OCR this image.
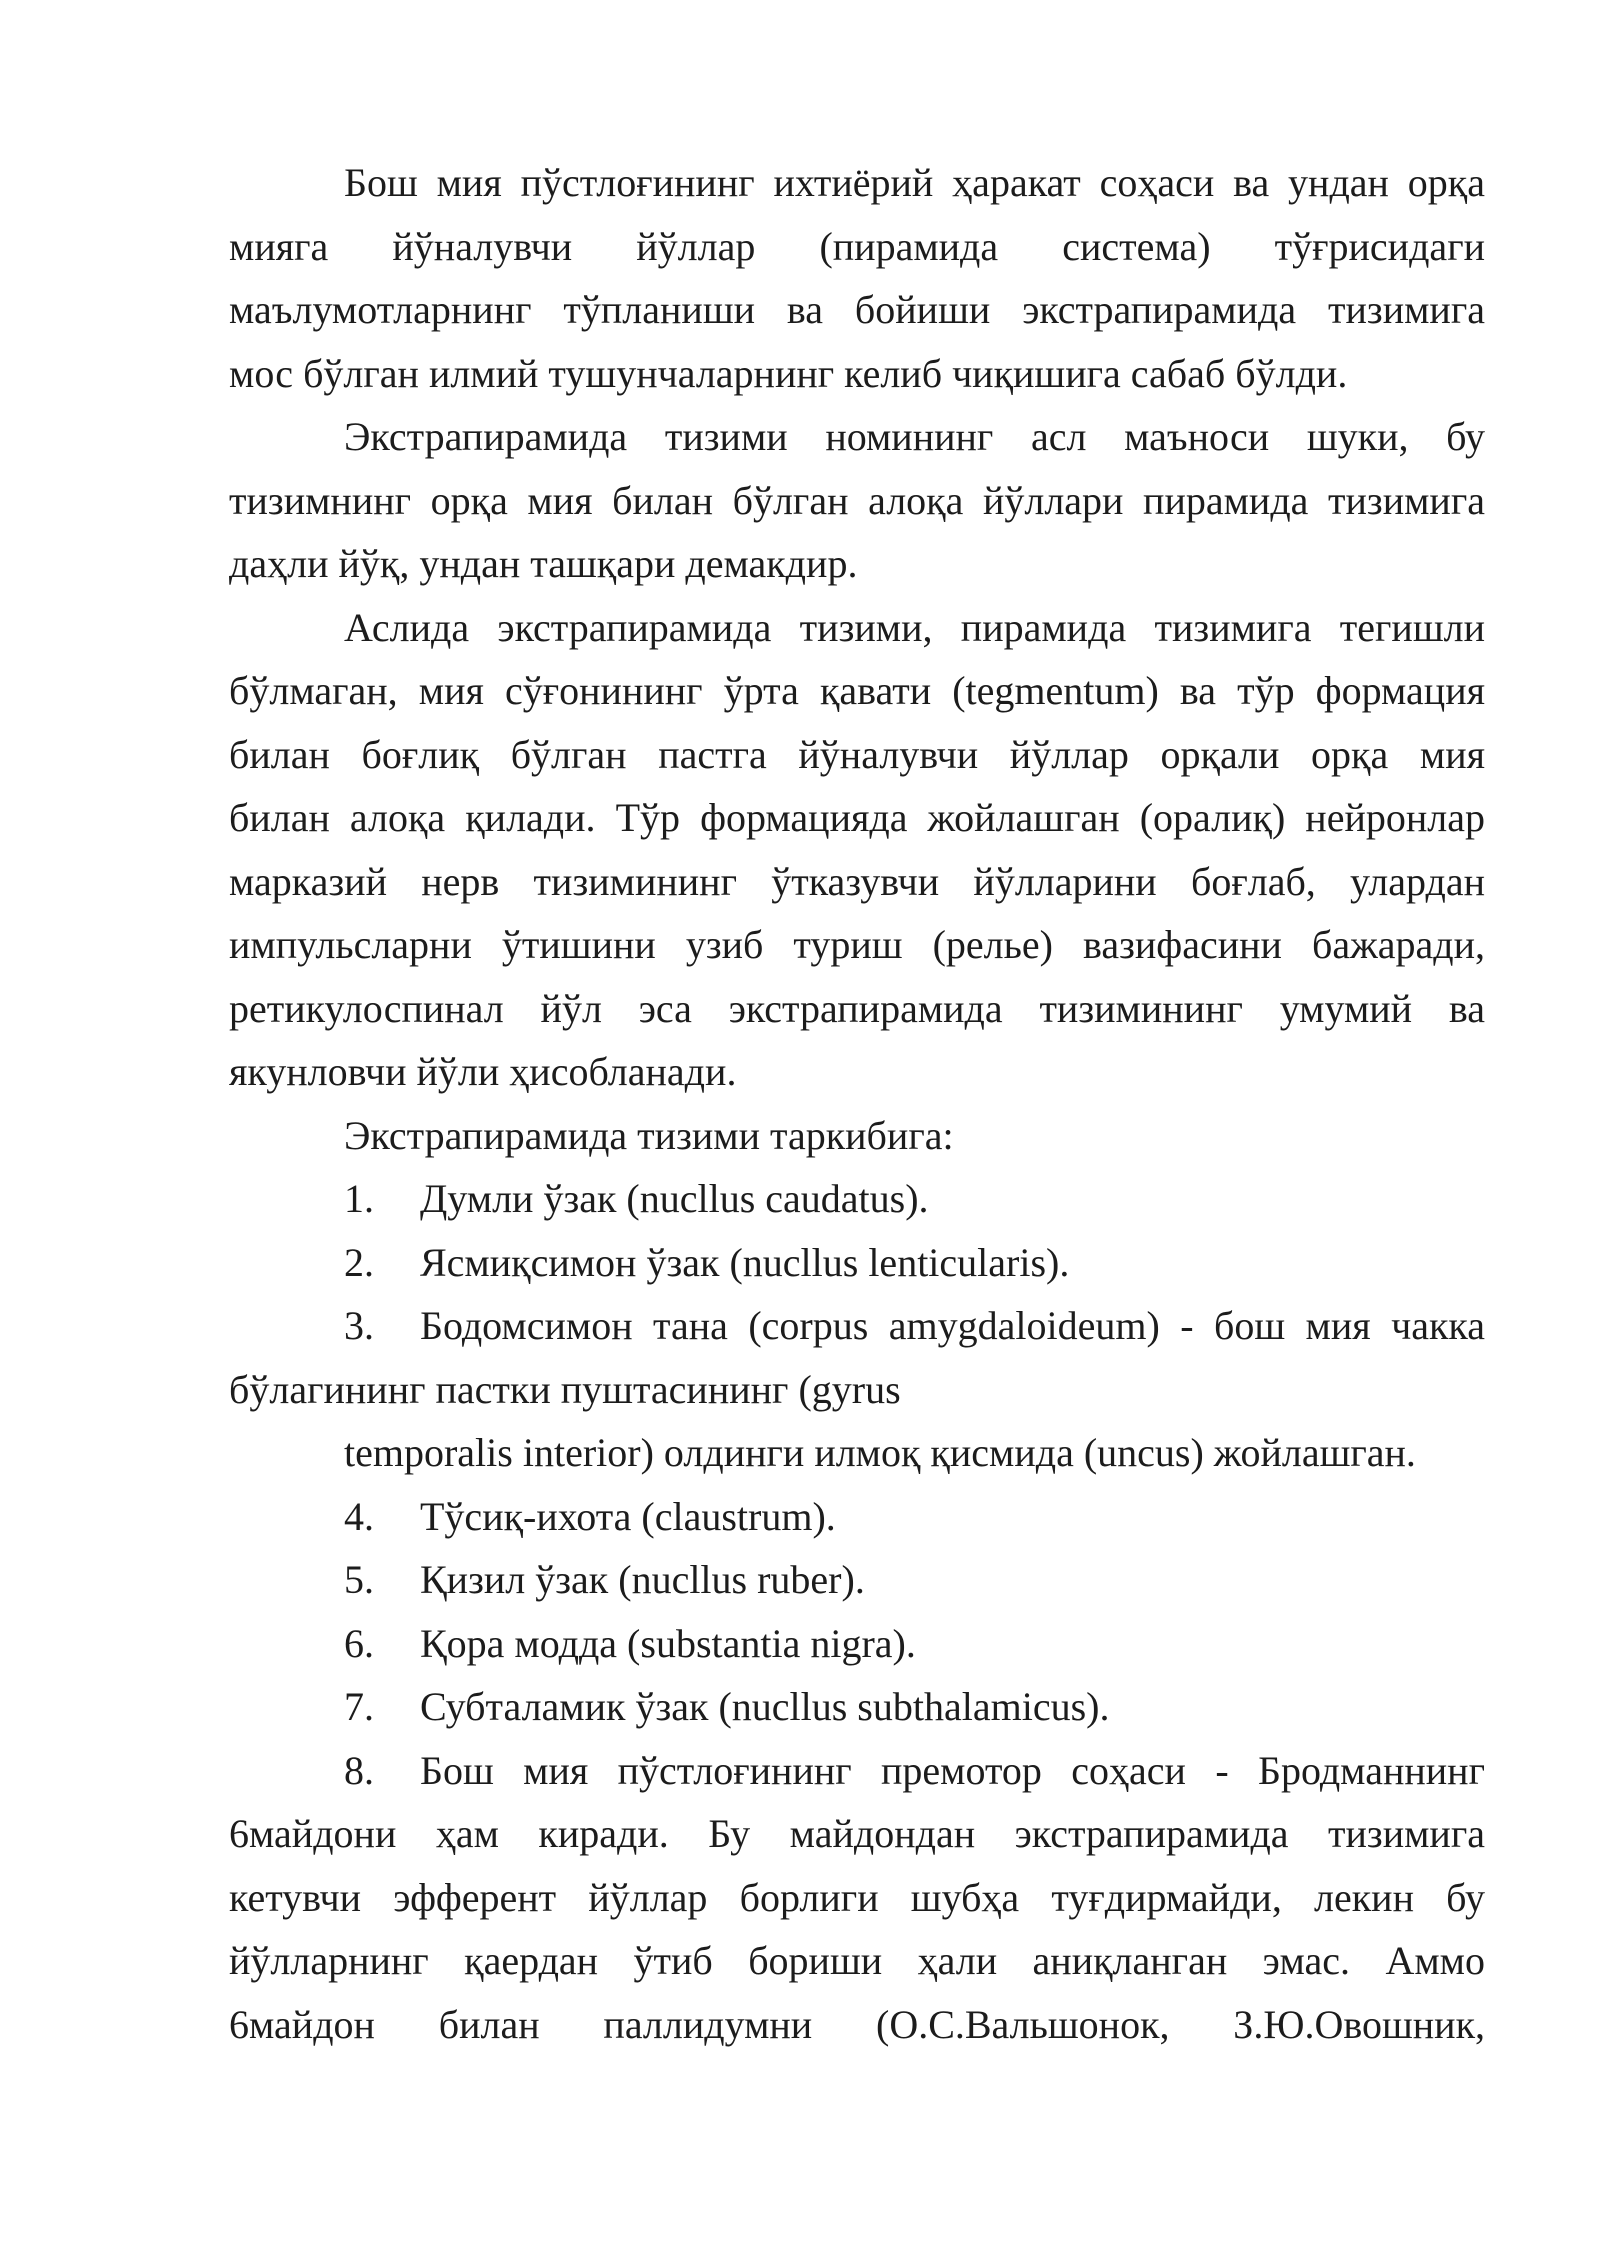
Бош мия пўстлоғининг ихтиёрий ҳаракат соҳаси ва ундан орқа
мияга йўналувчи йўллар (пирамида система) тўғрисидаги
маълумотларнинг тўпланиши ва бойиши экстрапирамида тизимига
мос бўлган илмий тушунчаларнинг келиб чиқишига сабаб бўлди.

Экстрапирамида тизими номининг асл маъноси шуки, бу
тизимнинг орқа мия билан бўлган алоқа йўллари пирамида тизимига
даҳли йўқ, ундан ташқари демакдир.

Аслида экстрапирамида тизими, пирамида тизимига тегишли
бўлмаган, мия сўғонининг ўрта қавати (tegmentum) ва тўр формация
билан боғлиқ бўлган пастга йўналувчи йўллар орқали орқа мия
билан алоқа қилади. Тўр формацияда жойлашган (оралиқ) нейронлар
марказий нерв тизимининг ўтказувчи йўлларини боғлаб, улардан
импульсларни ўтишини узиб туриш (релье) вазифасини бажаради,
ретикулоспинал йўл эса экстрапирамида тизимининг умумий ва
якунловчи йўли ҳисобланади.

Экстрапирамида тизими таркибига:

1. Думли ўзак (nucllus caudatus).
2. Ясмиқсимон ўзак (nucllus lenticularis).
3. Бодомсимон тана (corpus amygdaloideum) - бош мия чакка
бўлагининг пастки пуштасининг (gyrus
temporalis interior) олдинги илмоқ қисмида (uncus) жойлашган.
4. Тўсиқ-ихота (claustrum).
5. Қизил ўзак (nucllus ruber).
6. Қора модда (substantia nigra).
7. Субталамик ўзак (nucllus subthalamicus).
8. Бош мия пўстлоғининг премотор соҳаси - Бродманнинг
6майдони ҳам киради. Бу майдондан экстрапирамида тизимига
кетувчи эфферент йўллар борлиги шубҳа туғдирмайди, лекин бу
йўлларнинг қаердан ўтиб бориши ҳали аниқланган эмас. Аммо
6майдон билан паллидумни (О.С.Вальшонок, З.Ю.Овошник,
